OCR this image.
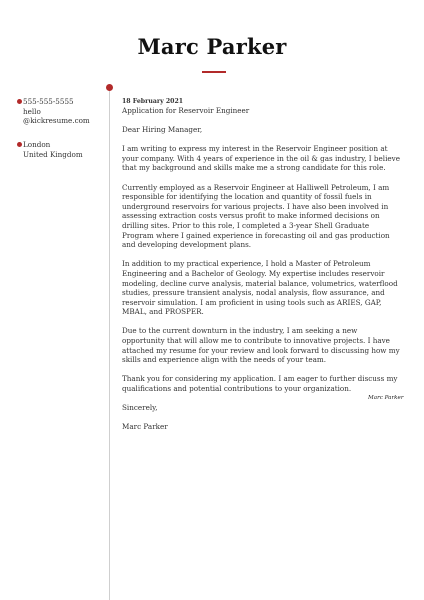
Marc Parker
555-555-5555
hello
@kickresume.com
London
United Kingdom
18 February 2021
Application for Reservoir Engineer

Dear Hiring Manager,

I am writing to express my interest in the Reservoir Engineer position at your company. With 4 years of experience in the oil & gas industry, I believe that my background and skills make me a strong candidate for this role.

Currently employed as a Reservoir Engineer at Halliwell Petroleum, I am responsible for identifying the location and quantity of fossil fuels in underground reservoirs for various projects. I have also been involved in assessing extraction costs versus profit to make informed decisions on drilling sites. Prior to this role, I completed a 3-year Shell Graduate Program where I gained experience in forecasting oil and gas production and developing development plans.

In addition to my practical experience, I hold a Master of Petroleum Engineering and a Bachelor of Geology. My expertise includes reservoir modeling, decline curve analysis, material balance, volumetrics, waterflood studies, pressure transient analysis, nodal analysis, flow assurance, and reservoir simulation. I am proficient in using tools such as ARIES, GAP, MBAL, and PROSPER.

Due to the current downturn in the industry, I am seeking a new opportunity that will allow me to contribute to innovative projects. I have attached my resume for your review and look forward to discussing how my skills and experience align with the needs of your team.

Thank you for considering my application. I am eager to further discuss my qualifications and potential contributions to your organization.

Sincerely,

Marc Parker

Marc Parker
